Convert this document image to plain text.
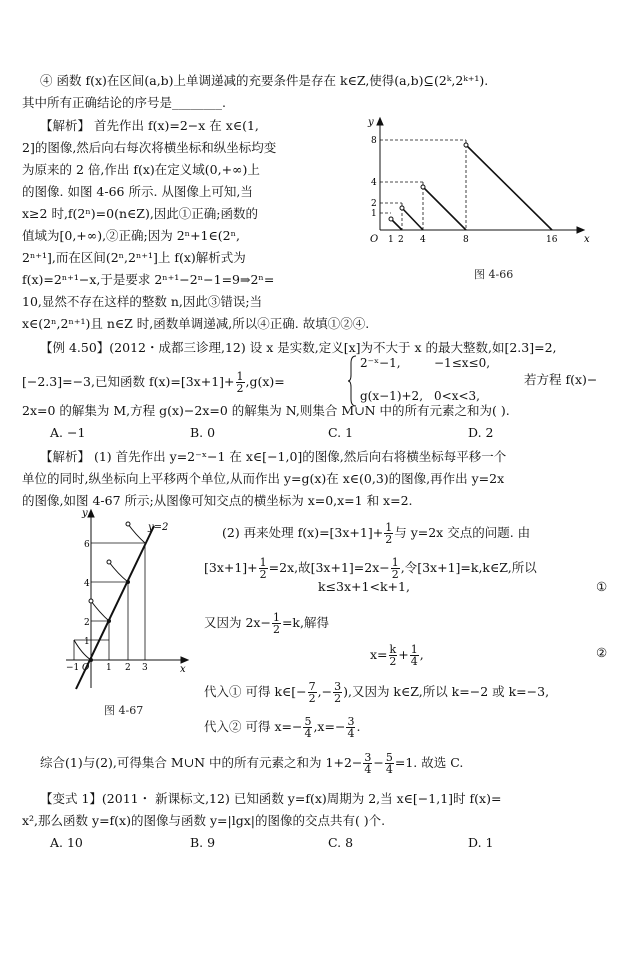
④ 函数 f(x)在区间(a,b)上单调递减的充要条件是存在 k∈Z,使得(a,b)⊆(2ᵏ,2ᵏ⁺¹).
其中所有正确结论的序号是________.
【解析】 首先作出 f(x)=2−x 在 x∈(1,
2]的图像,然后向右每次将横坐标和纵坐标均变
为原来的 2 倍,作出 f(x)在定义域(0,+∞)上
的图像. 如图 4-66 所示. 从图像上可知,当
x≥2 时,f(2ⁿ)=0(n∈Z),因此①正确;函数的
值域为[0,+∞),②正确;因为 2ⁿ+1∈(2ⁿ,
2ⁿ⁺¹],而在区间(2ⁿ,2ⁿ⁺¹]上 f(x)解析式为
f(x)=2ⁿ⁺¹−x,于是要求 2ⁿ⁺¹−2ⁿ−1=9⇒2ⁿ=
10,显然不存在这样的整数 n,因此③错误;当
x∈(2ⁿ,2ⁿ⁺¹)且 n∈Z 时,函数单调递减,所以④正确. 故填①②④.
y
x
O 1 2 4	8	16
1
2
4
8
图 4-66
【例 4.50】(2012・成都三诊理,12) 设 x 是实数,定义[x]为不大于 x 的最大整数,如[2.3]=2,
[−2.3]=−3,已知函数 $f(x)=[3x+1]+ \frac{1}{2} ,g(x)=$
2⁻ˣ−1,	−1≤x≤0,
g(x−1)+2, 0<x<3,
若方程 f(x)−
2x=0 的解集为 M,方程 g(x)−2x=0 的解集为 N,则集合 M∪N 中的所有元素之和为( ).
A. −1	B. 0	C. 1	D. 2
【解析】 (1) 首先作出 y=2⁻ˣ−1 在 x∈[−1,0]的图像,然后向右将横坐标每平移一个
单位的同时,纵坐标向上平移两个单位,从而作出 y=g(x)在 x∈(0,3)的图像,再作出 y=2x
的图像,如图 4-67 所示;从图像可知交点的横坐标为 x=0,x=1 和 x=2.
y
x
y=2
−1 O 1 2 3
1
2
4
6
图 4-67
(2) 再来处理 $f(x)=[3x+1]+ \frac{1}{2}$ 与 y=2x 交点的问题. 由
$[3x+1]+ \frac{1}{2} =2x$,故$[3x+1]=2x- \frac{1}{2}$ ,令[3x+1]=k,k∈Z,所以
k≤3x+1<k+1,	①
又因为 $2x- \frac{1}{2} =k$,解得
$x= \frac{k}{2} + \frac{1}{4}$ ,	②
代入① 可得 k∈[− $\frac{7}{2}$ ,− $\frac{3}{2}$ ),又因为 k∈Z,所以 k=−2 或 k=−3,
代入② 可得 $x=- \frac{5}{4} ,x=- \frac{3}{4}$ .
综合(1)与(2),可得集合 M∪N 中的所有元素之和为 $1+2- \frac{3}{4} - \frac{5}{4} =1$. 故选 C.
【变式 1】(2011・ 新课标文,12) 已知函数 y=f(x)周期为 2,当 x∈[−1,1]时 f(x)=
x²,那么函数 y=f(x)的图像与函数 y=|lgx|的图像的交点共有( )个.
A. 10	B. 9	C. 8	D. 1
